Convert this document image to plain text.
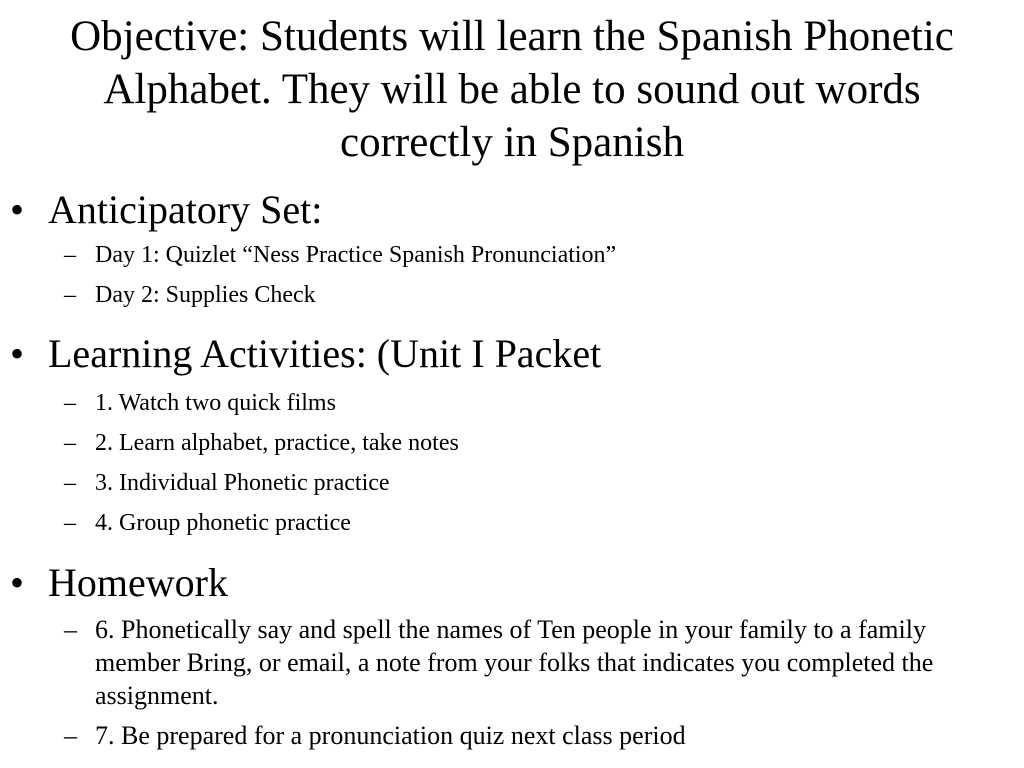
Objective: Students will learn the Spanish Phonetic Alphabet. They will be able to sound out words correctly in Spanish
• Anticipatory Set:
– Day 1: Quizlet “Ness Practice Spanish Pronunciation”
– Day 2: Supplies Check
• Learning Activities: (Unit I Packet
– 1. Watch two quick films
– 2. Learn alphabet, practice, take notes
– 3. Individual Phonetic practice
– 4. Group phonetic practice
• Homework
– 6. Phonetically say and spell the names of Ten people in your family to a family member Bring, or email, a note from your folks that indicates you completed the assignment.
– 7. Be prepared for a pronunciation quiz next class period
